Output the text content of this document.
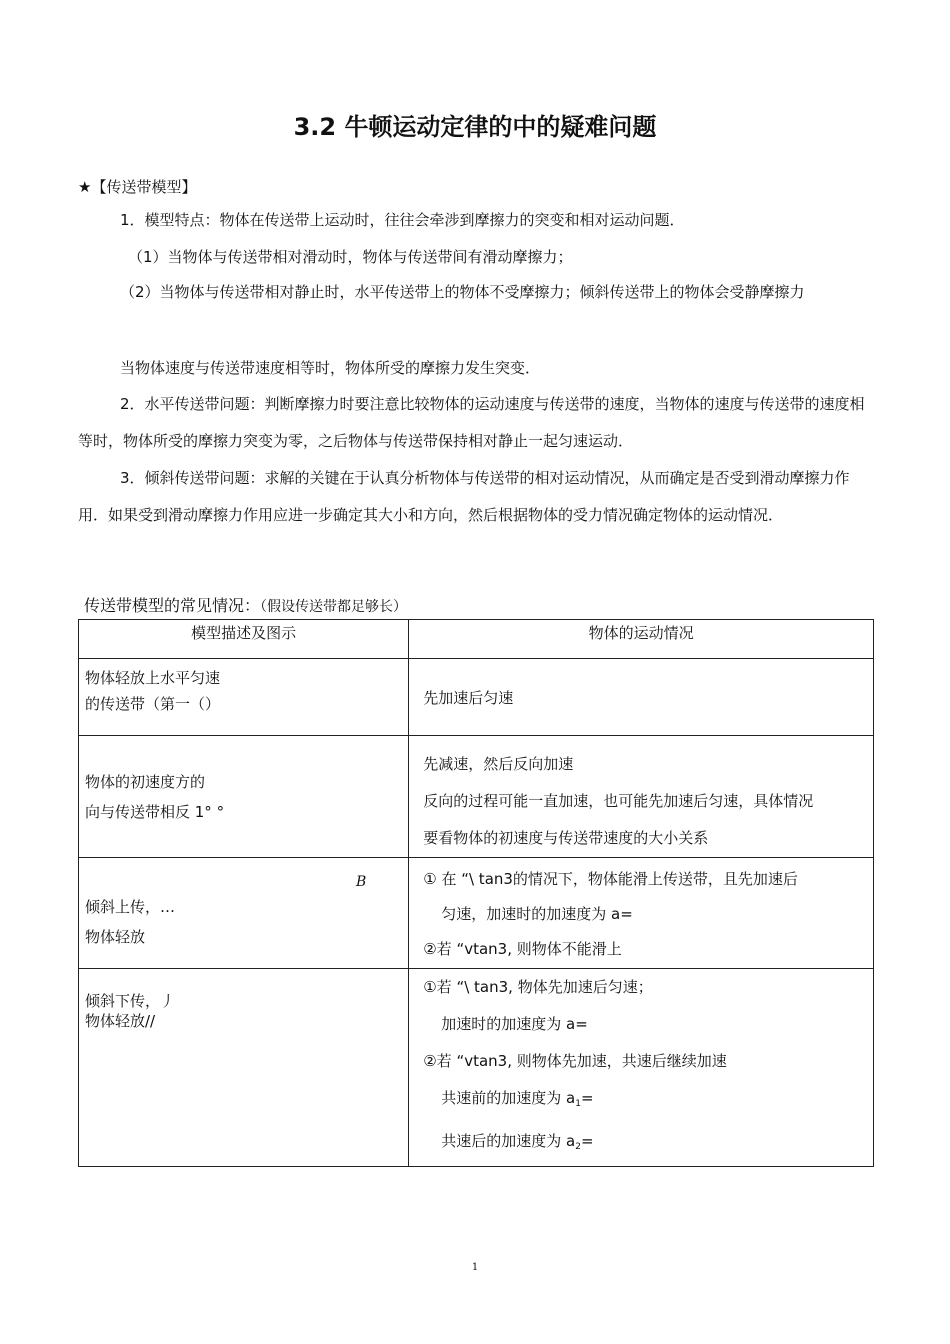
3.2 牛顿运动定律的中的疑难问题
★【传送带模型】
1．模型特点：物体在传送带上运动时，往往会牵涉到摩擦力的突变和相对运动问题．
（1）当物体与传送带相对滑动时，物体与传送带间有滑动摩擦力；
（2）当物体与传送带相对静止时，水平传送带上的物体不受摩擦力；倾斜传送带上的物体会受静摩擦力
当物体速度与传送带速度相等时，物体所受的摩擦力发生突变．
2．水平传送带问题：判断摩擦力时要注意比较物体的运动速度与传送带的速度，当物体的速度与传送带的速度相等时，物体所受的摩擦力突变为零，之后物体与传送带保持相对静止一起匀速运动．
3．倾斜传送带问题：求解的关键在于认真分析物体与传送带的相对运动情况，从而确定是否受到滑动摩擦力作用．如果受到滑动摩擦力作用应进一步确定其大小和方向，然后根据物体的受力情况确定物体的运动情况．
传送带模型的常见情况：（假设传送带都足够长）
模型描述及图示	物体的运动情况

物体轻放上水平匀速
的传送带（第一（）	先加速后匀速

物体的初速度方的
向与传送带相反 1° °	先减速，然后反向加速
反向的过程可能一直加速，也可能先加速后匀速，具体情况
要看物体的初速度与传送带速度的大小关系

B
倾斜上传，…
物体轻放	① 在 “\ tan3的情况下，物体能滑上传送带，且先加速后
匀速，加速时的加速度为 a=
②若 “vtan3, 则物体不能滑上

倾斜下传，丿
物体轻放//	①若 “\ tan3, 物体先加速后匀速；
加速时的加速度为 a=
②若 “vtan3, 则物体先加速，共速后继续加速
共速前的加速度为 $a_1=$
共速后的加速度为 $a_2=$
1
